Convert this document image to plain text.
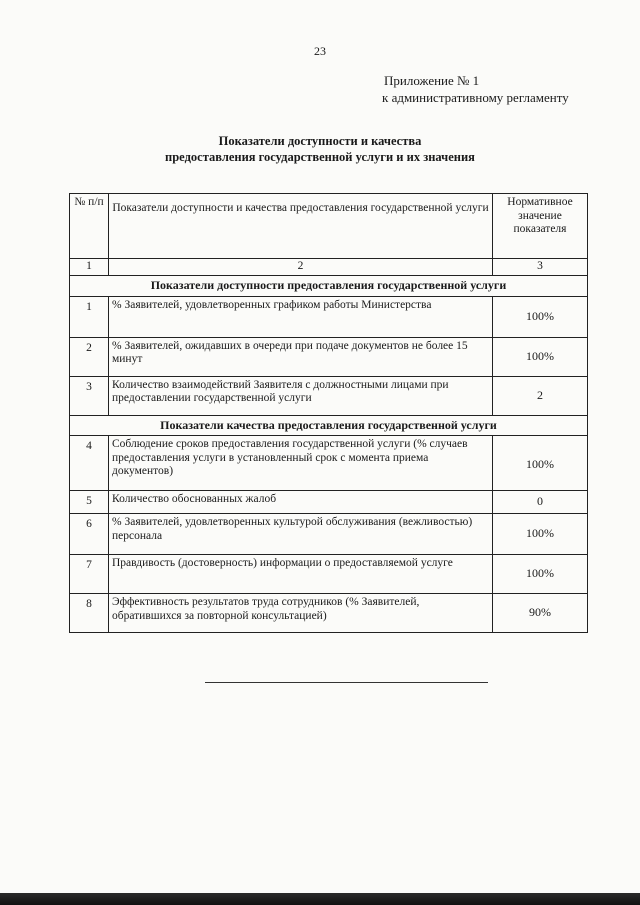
23
Приложение № 1
к административному регламенту
Показатели доступности и качества
предоставления государственной услуги и их значения
№ п/п	Показатели доступности и качества предоставления государственной услуги	Нормативное значение показателя
1	2	3
Показатели доступности предоставления государственной услуги		
1	% Заявителей, удовлетворенных графиком работы Министерства	100%
2	% Заявителей, ожидавших в очереди при подаче документов не более 15 минут	100%
3	Количество взаимодействий Заявителя с должностными лицами при предоставлении государственной услуги	2
Показатели качества предоставления государственной услуги		
4	Соблюдение сроков предоставления государственной услуги (% случаев предоставления услуги в установленный срок с момента приема документов)	100%
5	Количество обоснованных жалоб	0
6	% Заявителей, удовлетворенных культурой обслуживания (вежливостью) персонала	100%
7	Правдивость (достоверность) информации о предоставляемой услуге	100%
8	Эффективность результатов труда сотрудников (% Заявителей, обратившихся за повторной консультацией)	90%
